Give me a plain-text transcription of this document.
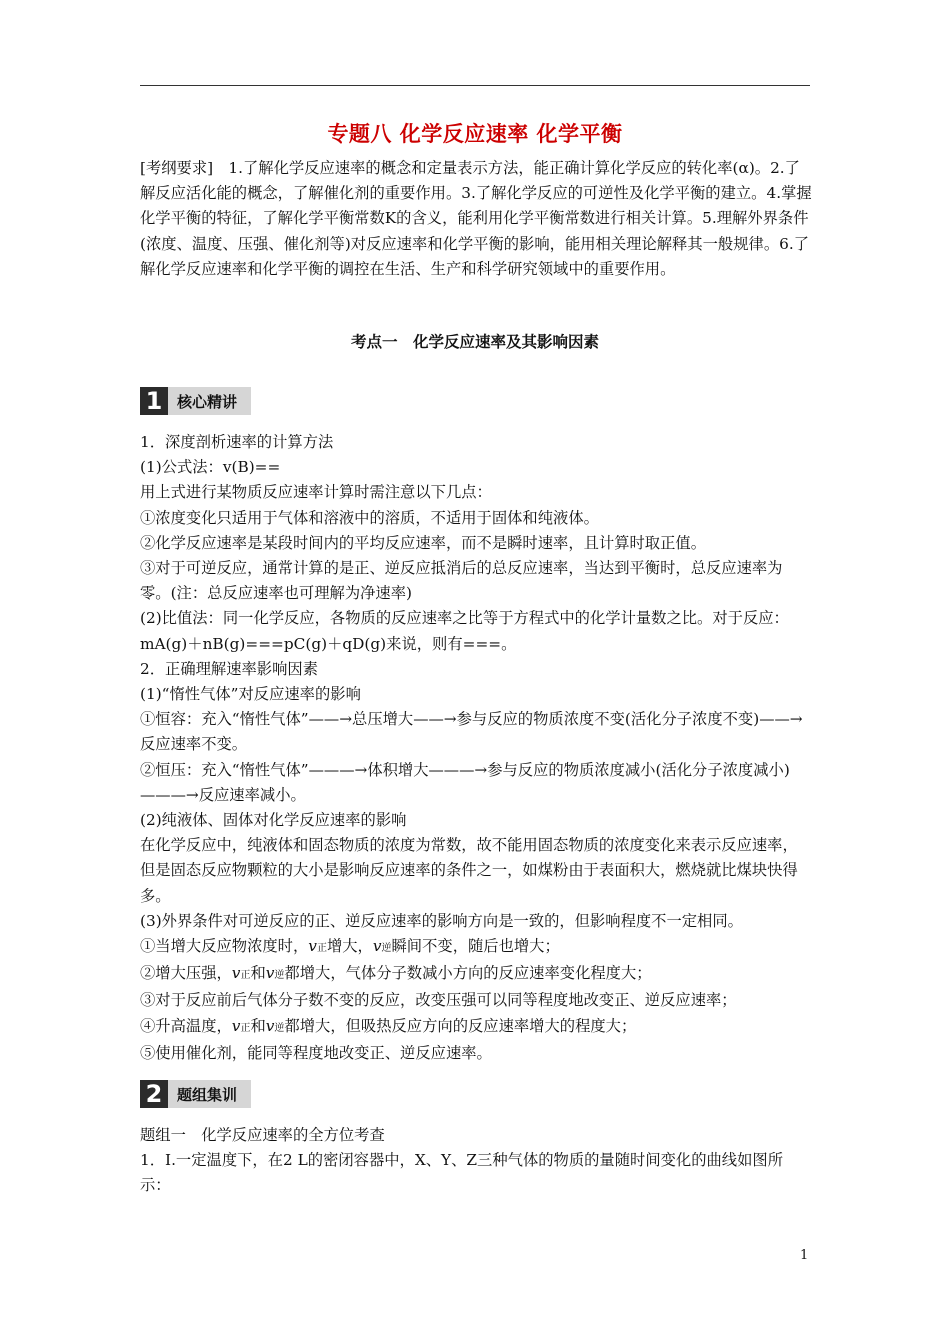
专题八 化学反应速率 化学平衡

[考纲要求]　1.了解化学反应速率的概念和定量表示方法，能正确计算化学反应的转化率(α)。2.了解反应活化能的概念，了解催化剂的重要作用。3.了解化学反应的可逆性及化学平衡的建立。4.掌握化学平衡的特征，了解化学平衡常数K的含义，能利用化学平衡常数进行相关计算。5.理解外界条件(浓度、温度、压强、催化剂等)对反应速率和化学平衡的影响，能用相关理论解释其一般规律。6.了解化学反应速率和化学平衡的调控在生活、生产和科学研究领域中的重要作用。

考点一　化学反应速率及其影响因素
1 核心精讲

1．深度剖析速率的计算方法

(1)公式法：v(B)==

用上式进行某物质反应速率计算时需注意以下几点：

①浓度变化只适用于气体和溶液中的溶质，不适用于固体和纯液体。

②化学反应速率是某段时间内的平均反应速率，而不是瞬时速率，且计算时取正值。

③对于可逆反应，通常计算的是正、逆反应抵消后的总反应速率，当达到平衡时，总反应速率为零。(注：总反应速率也可理解为净速率)

(2)比值法：同一化学反应，各物质的反应速率之比等于方程式中的化学计量数之比。对于反应：mA(g)＋nB(g)===pC(g)＋qD(g)来说，则有===。

2．正确理解速率影响因素

(1)“惰性气体”对反应速率的影响

①恒容：充入“惰性气体”——→总压增大——→参与反应的物质浓度不变(活化分子浓度不变)——→反应速率不变。

②恒压：充入“惰性气体”———→体积增大———→参与反应的物质浓度减小(活化分子浓度减小)———→反应速率减小。

(2)纯液体、固体对化学反应速率的影响

在化学反应中，纯液体和固态物质的浓度为常数，故不能用固态物质的浓度变化来表示反应速率，但是固态反应物颗粒的大小是影响反应速率的条件之一，如煤粉由于表面积大，燃烧就比煤块快得多。

(3)外界条件对可逆反应的正、逆反应速率的影响方向是一致的，但影响程度不一定相同。

①当增大反应物浓度时，v正增大，v逆瞬间不变，随后也增大；

②增大压强，v正和v逆都增大，气体分子数减小方向的反应速率变化程度大；

③对于反应前后气体分子数不变的反应，改变压强可以同等程度地改变正、逆反应速率；

④升高温度，v正和v逆都增大，但吸热反应方向的反应速率增大的程度大；

⑤使用催化剂，能同等程度地改变正、逆反应速率。

2 题组集训

题组一　化学反应速率的全方位考查

1．Ⅰ.一定温度下，在2 L的密闭容器中，X、Y、Z三种气体的物质的量随时间变化的曲线如图所示：

1
